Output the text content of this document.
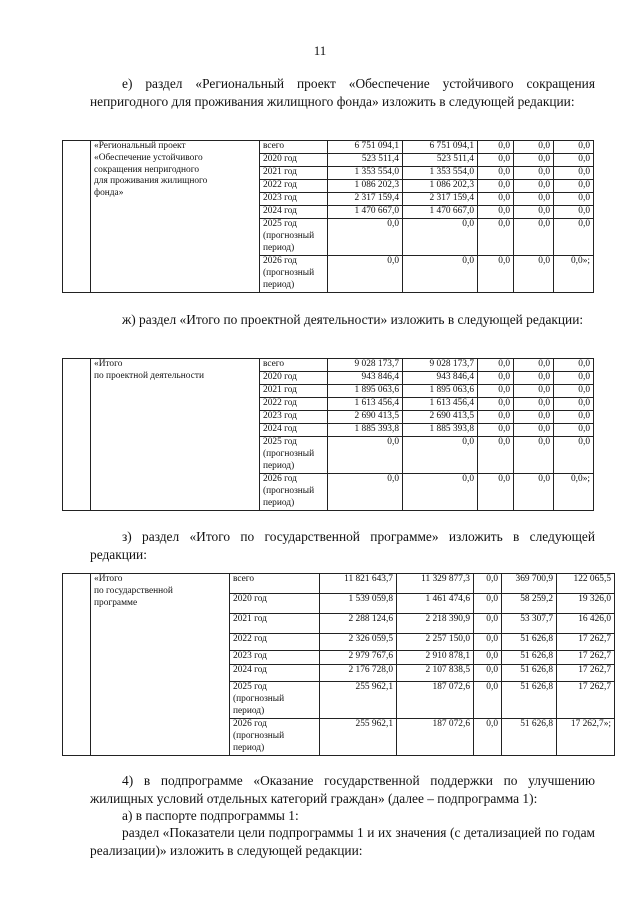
11

е) раздел «Региональный проект «Обеспечение устойчивого сокращения непригодного для проживания жилищного фонда» изложить в следующей редакции:

	«Региональный проект
«Обеспечение устойчивого
сокращения непригодного
для проживания жилищного
фонда»	всего	6 751 094,1	6 751 094,1	0,0	0,0	0,0
		2020 год	523 511,4	523 511,4	0,0	0,0	0,0
		2021 год	1 353 554,0	1 353 554,0	0,0	0,0	0,0
		2022 год	1 086 202,3	1 086 202,3	0,0	0,0	0,0
		2023 год	2 317 159,4	2 317 159,4	0,0	0,0	0,0
		2024 год	1 470 667,0	1 470 667,0	0,0	0,0	0,0
		2025 год
(прогнозный
период)	0,0	0,0	0,0	0,0	0,0
		2026 год
(прогнозный
период)	0,0	0,0	0,0	0,0	0,0»;

ж) раздел «Итого по проектной деятельности» изложить в следующей редакции:

	«Итого
по проектной деятельности	всего	9 028 173,7	9 028 173,7	0,0	0,0	0,0
		2020 год	943 846,4	943 846,4	0,0	0,0	0,0
		2021 год	1 895 063,6	1 895 063,6	0,0	0,0	0,0
		2022 год	1 613 456,4	1 613 456,4	0,0	0,0	0,0
		2023 год	2 690 413,5	2 690 413,5	0,0	0,0	0,0
		2024 год	1 885 393,8	1 885 393,8	0,0	0,0	0,0
		2025 год
(прогнозный
период)	0,0	0,0	0,0	0,0	0,0
		2026 год
(прогнозный
период)	0,0	0,0	0,0	0,0	0,0»;

з) раздел «Итого по государственной программе» изложить в следующей редакции:

	«Итого
по государственной
программе	всего	11 821 643,7	11 329 877,3	0,0	369 700,9	122 065,5
		2020 год	1 539 059,8	1 461 474,6	0,0	58 259,2	19 326,0
		2021 год	2 288 124,6	2 218 390,9	0,0	53 307,7	16 426,0
		2022 год	2 326 059,5	2 257 150,0	0,0	51 626,8	17 262,7
		2023 год	2 979 767,6	2 910 878,1	0,0	51 626,8	17 262,7
		2024 год	2 176 728,0	2 107 838,5	0,0	51 626,8	17 262,7
		2025 год
(прогнозный
период)	255 962,1	187 072,6	0,0	51 626,8	17 262,7
		2026 год
(прогнозный
период)	255 962,1	187 072,6	0,0	51 626,8	17 262,7»;

4) в подпрограмме «Оказание государственной поддержки по улучшению жилищных условий отдельных категорий граждан» (далее – подпрограмма 1):

а) в паспорте подпрограммы 1:

раздел «Показатели цели подпрограммы 1 и их значения (с детализацией по годам реализации)» изложить в следующей редакции:
